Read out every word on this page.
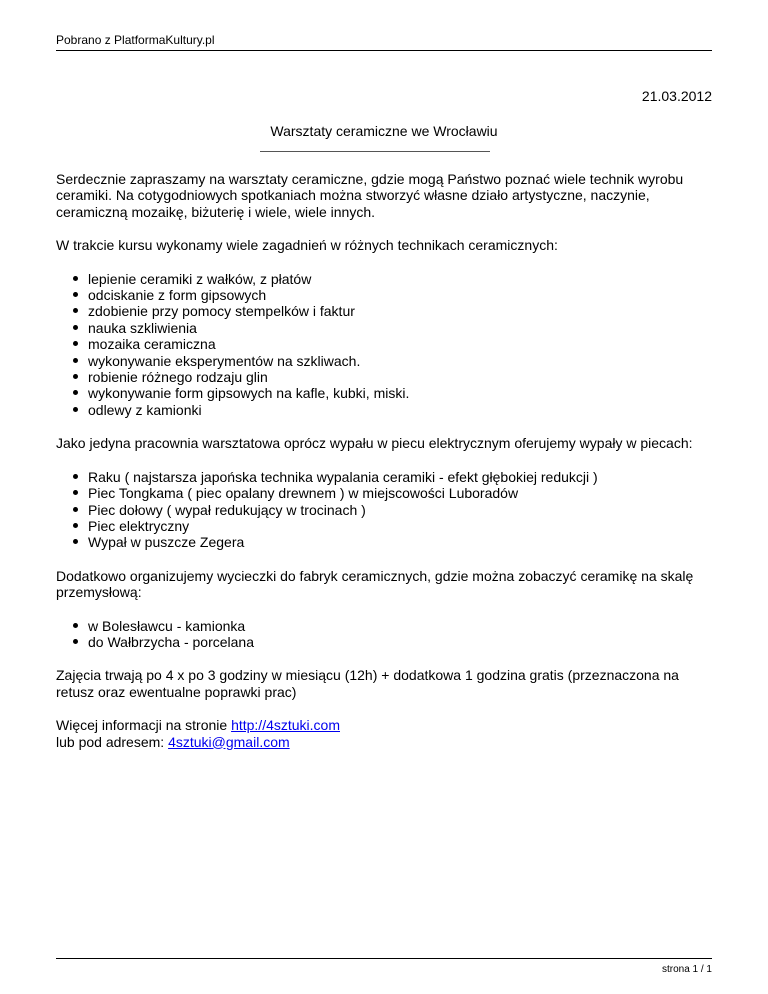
Pobrano z PlatformaKultury.pl
21.03.2012
Warsztaty ceramiczne we Wrocławiu

Serdecznie zapraszamy na warsztaty ceramiczne, gdzie mogą Państwo poznać wiele technik wyrobu ceramiki. Na cotygodniowych spotkaniach można stworzyć własne działo artystyczne, naczynie, ceramiczną mozaikę, biżuterię i wiele, wiele innych.

W trakcie kursu wykonamy wiele zagadnień w różnych technikach ceramicznych:

lepienie ceramiki z wałków, z płatów
odciskanie z form gipsowych
zdobienie przy pomocy stempelków i faktur
nauka szkliwienia
mozaika ceramiczna
wykonywanie eksperymentów na szkliwach.
robienie różnego rodzaju glin
wykonywanie form gipsowych na kafle, kubki, miski.
odlewy z kamionki

Jako jedyna pracownia warsztatowa oprócz wypału w piecu elektrycznym oferujemy wypały w piecach:

Raku ( najstarsza japońska technika wypalania ceramiki - efekt głębokiej redukcji )
Piec Tongkama ( piec opalany drewnem ) w miejscowości Luboradów
Piec dołowy ( wypał redukujący w trocinach )
Piec elektryczny
Wypał w puszcze Zegera

Dodatkowo organizujemy wycieczki do fabryk ceramicznych, gdzie można zobaczyć ceramikę na skalę przemysłową:

w Bolesławcu - kamionka
do Wałbrzycha - porcelana

Zajęcia trwają po 4 x po 3 godziny w miesiącu (12h) + dodatkowa 1 godzina gratis (przeznaczona na retusz oraz ewentualne poprawki prac)

Więcej informacji na stronie http://4sztuki.com
lub pod adresem: 4sztuki@gmail.com

strona 1 / 1
